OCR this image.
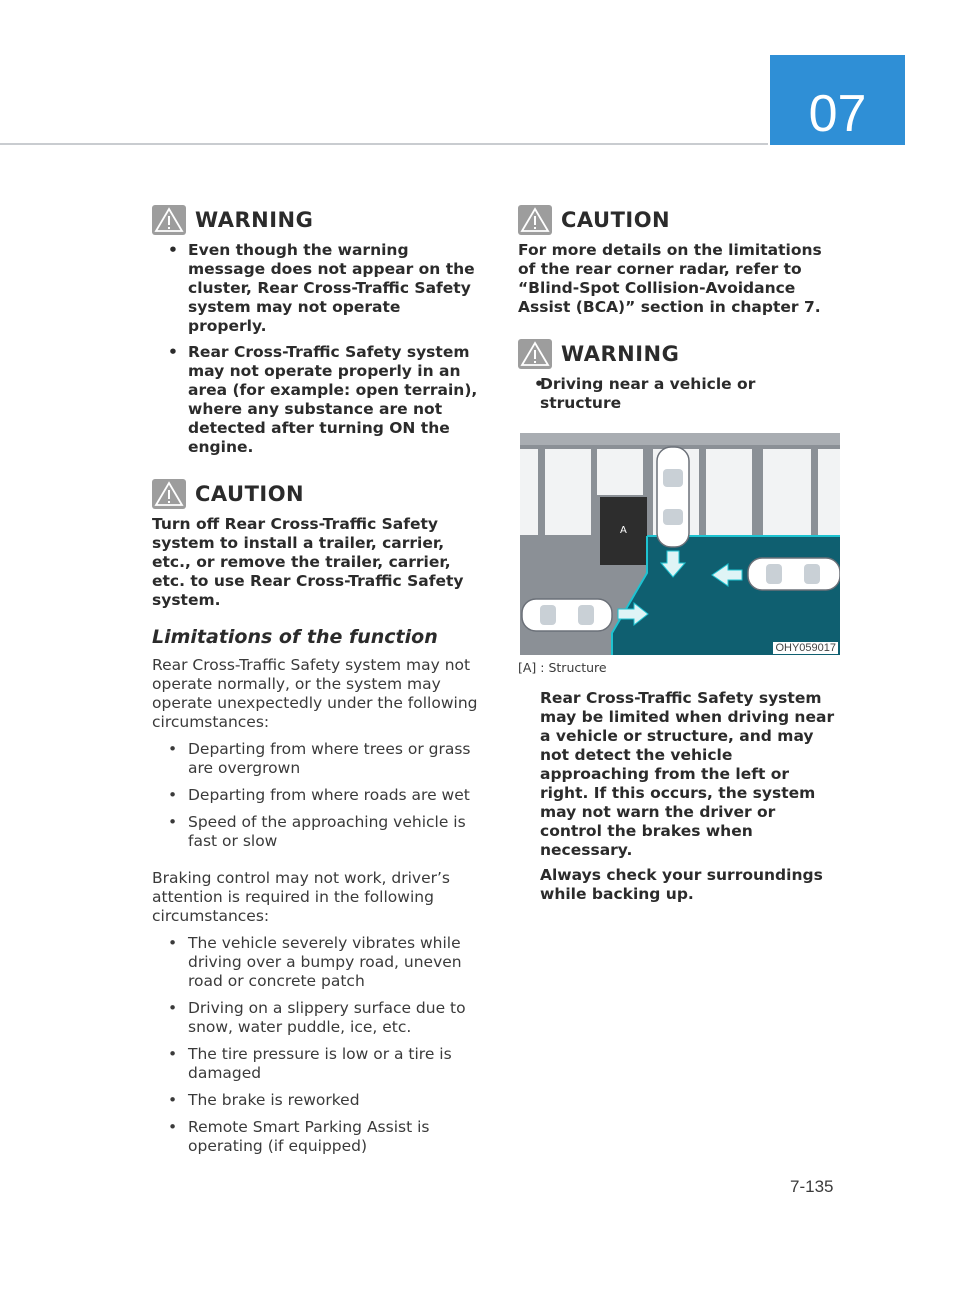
07
WARNING
• Even though the warning message does not appear on the cluster, Rear Cross-Traffic Safety system may not operate properly.
• Rear Cross-Traffic Safety system may not operate properly in an area (for example: open terrain), where any substance are not detected after turning ON the engine.
CAUTION

Turn off Rear Cross-Traffic Safety system to install a trailer, carrier, etc., or remove the trailer, carrier, etc. to use Rear Cross-Traffic Safety system.

Limitations of the function

Rear Cross-Traffic Safety system may not operate normally, or the system may operate unexpectedly under the following circumstances:

• Departing from where trees or grass are overgrown
• Departing from where roads are wet
• Speed of the approaching vehicle is fast or slow

Braking control may not work, driver’s attention is required in the following circumstances:

• The vehicle severely vibrates while driving over a bumpy road, uneven road or concrete patch
• Driving on a slippery surface due to snow, water puddle, ice, etc.
• The tire pressure is low or a tire is damaged
• The brake is reworked
• Remote Smart Parking Assist is operating (if equipped)
CAUTION

For more details on the limitations of the rear corner radar, refer to “Blind-Spot Collision-Avoidance Assist (BCA)” section in chapter 7.

WARNING
• Driving near a vehicle or structure
A
OHY059017
[A] : Structure

Rear Cross-Traffic Safety system may be limited when driving near a vehicle or structure, and may not detect the vehicle approaching from the left or right. If this occurs, the system may not warn the driver or control the brakes when necessary.

Always check your surroundings while backing up.

7-135
